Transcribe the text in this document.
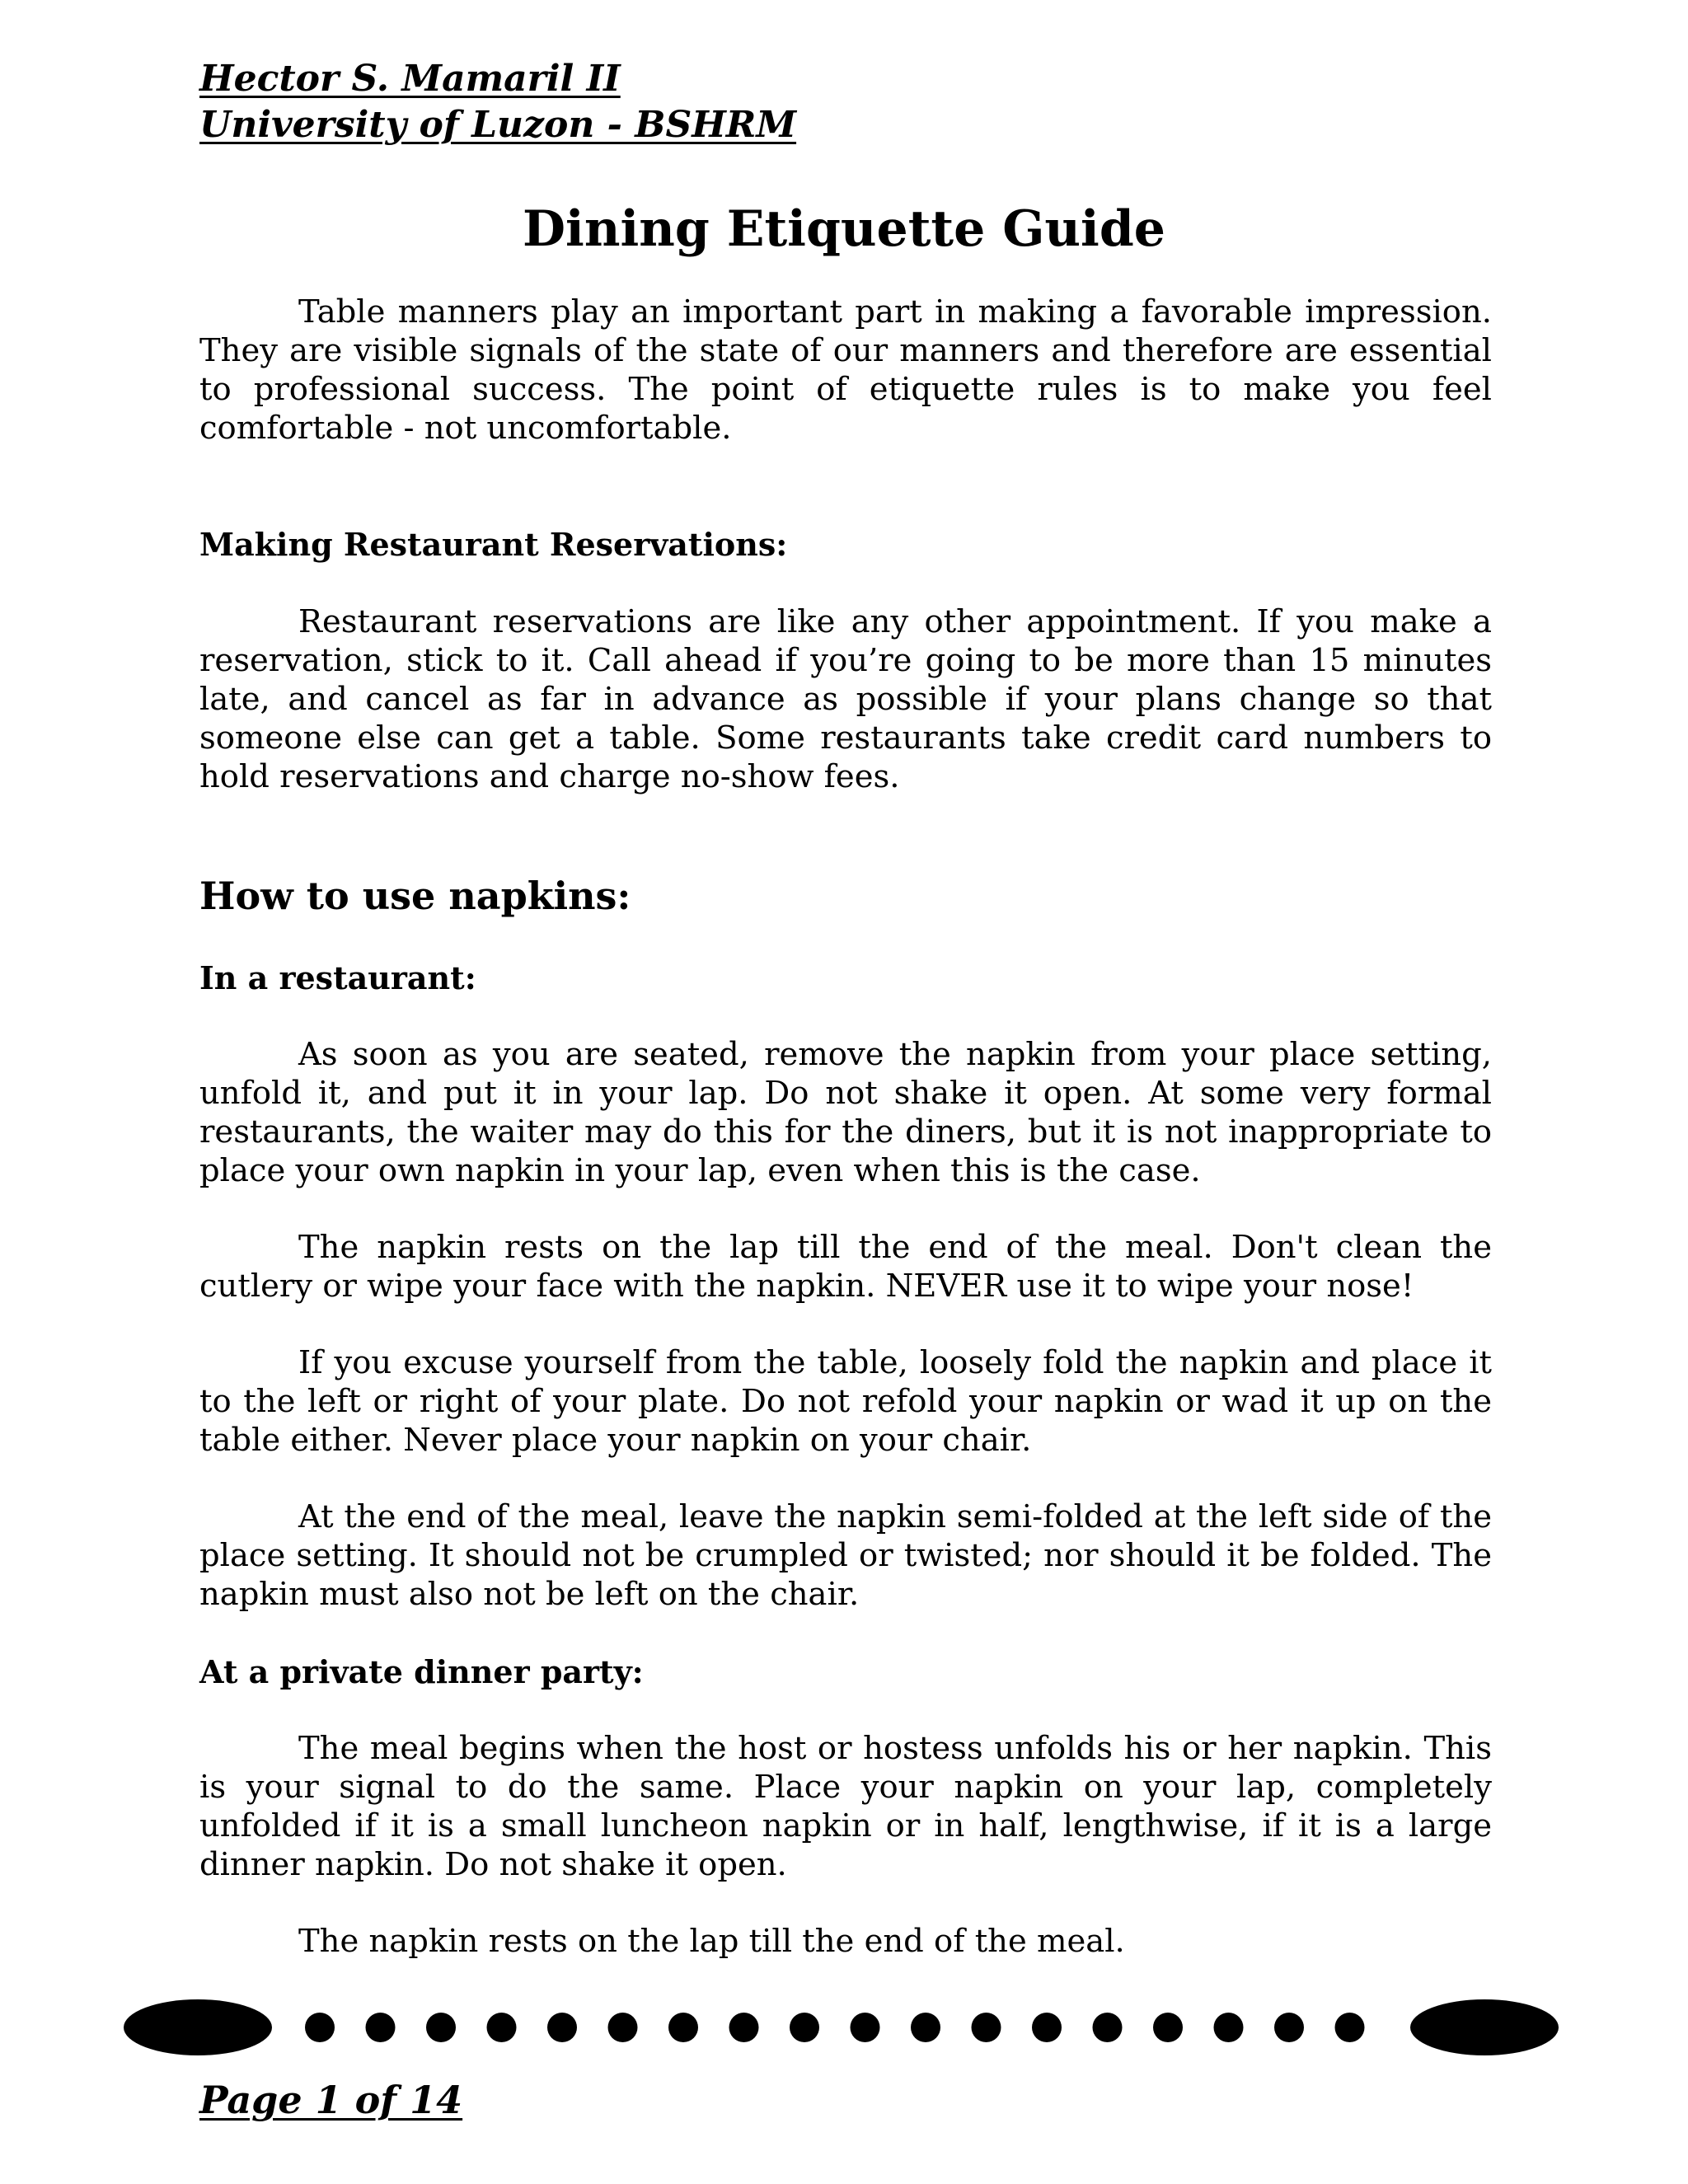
Hector S. Mamaril II
University of Luzon - BSHRM
Dining Etiquette Guide
Table manners play an important part in making a favorable impression. They are visible signals of the state of our manners and therefore are essential to professional success. The point of etiquette rules is to make you feel comfortable - not uncomfortable.
Making Restaurant Reservations:
Restaurant reservations are like any other appointment. If you make a reservation, stick to it. Call ahead if you’re going to be more than 15 minutes late, and cancel as far in advance as possible if your plans change so that someone else can get a table. Some restaurants take credit card numbers to hold reservations and charge no-show fees.
How to use napkins:
In a restaurant:
As soon as you are seated, remove the napkin from your place setting, unfold it, and put it in your lap. Do not shake it open. At some very formal restaurants, the waiter may do this for the diners, but it is not inappropriate to place your own napkin in your lap, even when this is the case.
The napkin rests on the lap till the end of the meal. Don't clean the cutlery or wipe your face with the napkin. NEVER use it to wipe your nose!
If you excuse yourself from the table, loosely fold the napkin and place it to the left or right of your plate. Do not refold your napkin or wad it up on the table either. Never place your napkin on your chair.
At the end of the meal, leave the napkin semi-folded at the left side of the place setting. It should not be crumpled or twisted; nor should it be folded. The napkin must also not be left on the chair.
At a private dinner party:
The meal begins when the host or hostess unfolds his or her napkin. This is your signal to do the same. Place your napkin on your lap, completely unfolded if it is a small luncheon napkin or in half, lengthwise, if it is a large dinner napkin. Do not shake it open.
The napkin rests on the lap till the end of the meal.
Page 1 of 14
